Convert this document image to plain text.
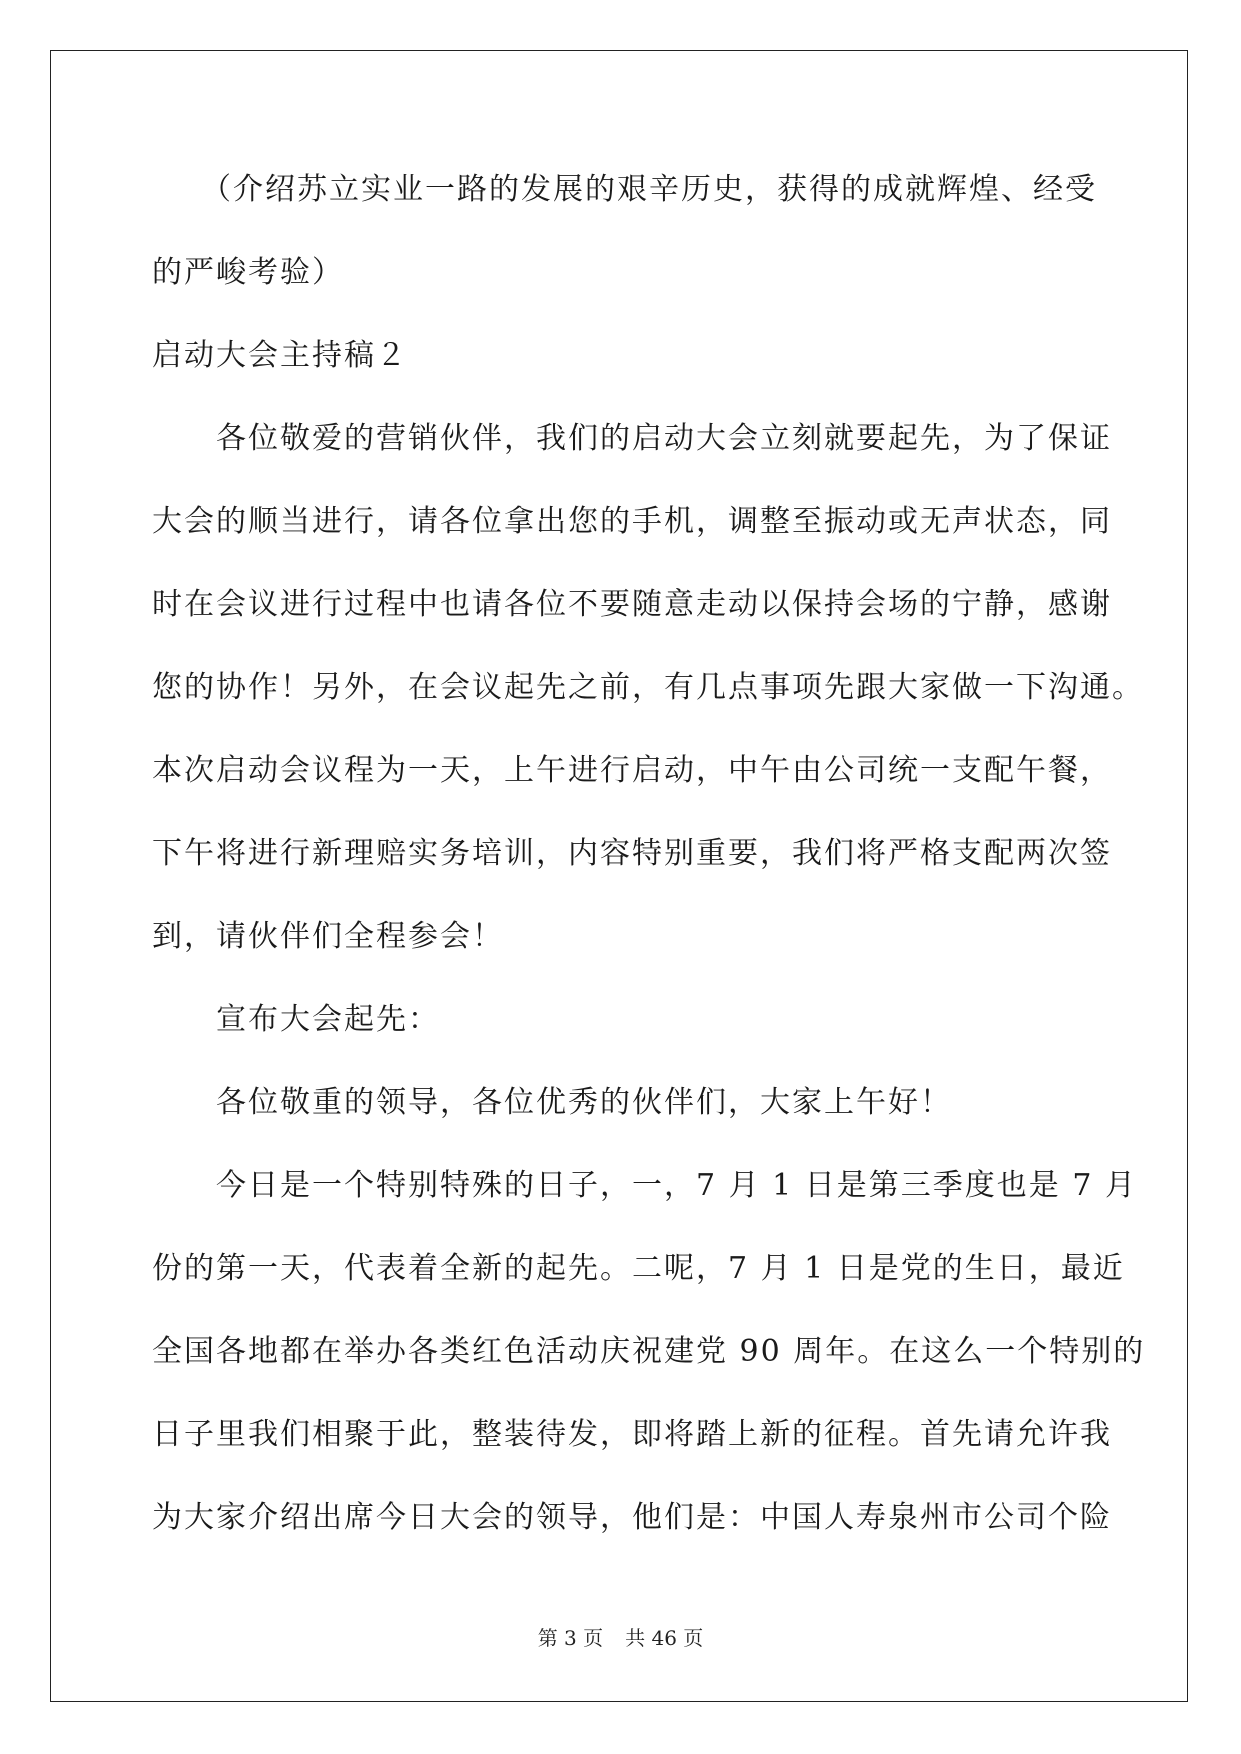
　　（介绍苏立实业一路的发展的艰辛历史，获得的成就辉煌、经受
的严峻考验）
启动大会主持稿２
　　各位敬爱的营销伙伴，我们的启动大会立刻就要起先，为了保证
大会的顺当进行，请各位拿出您的手机，调整至振动或无声状态，同
时在会议进行过程中也请各位不要随意走动以保持会场的宁静，感谢
您的协作！另外，在会议起先之前，有几点事项先跟大家做一下沟通。
本次启动会议程为一天，上午进行启动，中午由公司统一支配午餐，
下午将进行新理赔实务培训，内容特别重要，我们将严格支配两次签
到，请伙伴们全程参会！
　　宣布大会起先：
　　各位敬重的领导，各位优秀的伙伴们，大家上午好！
　　今日是一个特别特殊的日子，一，7 月 1 日是第三季度也是 7 月
份的第一天，代表着全新的起先。二呢，7 月 1 日是党的生日，最近
全国各地都在举办各类红色活动庆祝建党 90 周年。在这么一个特别的
日子里我们相聚于此，整装待发，即将踏上新的征程。首先请允许我
为大家介绍出席今日大会的领导，他们是：中国人寿泉州市公司个险
第 3 页 共 46 页
